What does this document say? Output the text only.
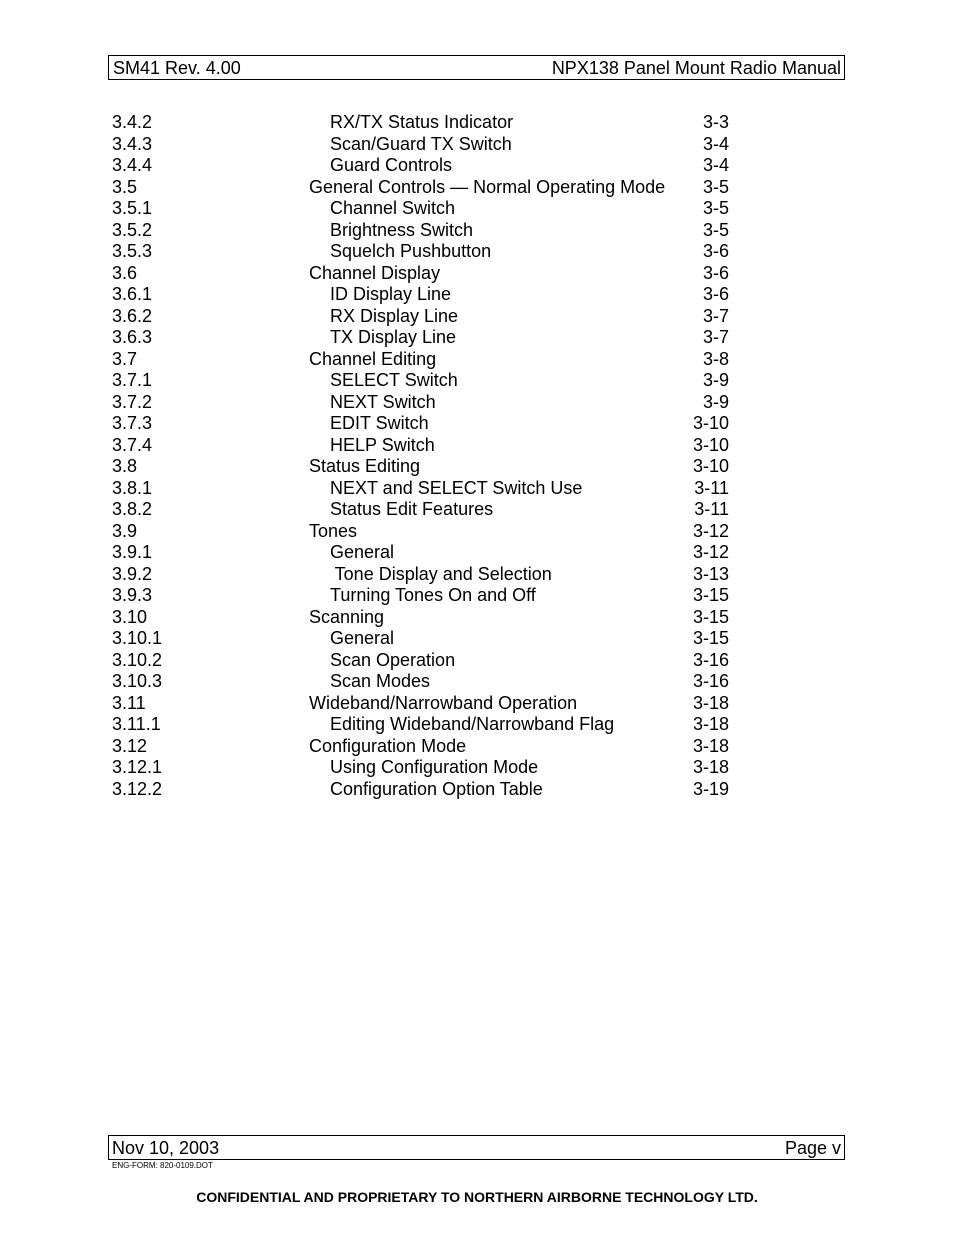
SM41 Rev. 4.00	NPX138 Panel Mount Radio Manual
3.4.2	RX/TX Status Indicator	3-3
3.4.3	Scan/Guard TX Switch	3-4
3.4.4	Guard Controls	3-4
3.5	General Controls — Normal Operating Mode 3-5
3.5.1	Channel Switch	3-5
3.5.2	Brightness Switch	3-5
3.5.3	Squelch Pushbutton	3-6
3.6	Channel Display	3-6
3.6.1	ID Display Line	3-6
3.6.2	RX Display Line	3-7
3.6.3	TX Display Line	3-7
3.7	Channel Editing	3-8
3.7.1	SELECT Switch	3-9
3.7.2	NEXT Switch	3-9
3.7.3	EDIT Switch	3-10
3.7.4	HELP Switch	3-10
3.8	Status Editing	3-10
3.8.1	NEXT and SELECT Switch Use	3-11
3.8.2	Status Edit Features	3-11
3.9	Tones	3-12
3.9.1	General	3-12
3.9.2	Tone Display and Selection	3-13
3.9.3	Turning Tones On and Off	3-15
3.10	Scanning	3-15
3.10.1	General	3-15
3.10.2	Scan Operation	3-16
3.10.3	Scan Modes	3-16
3.11	Wideband/Narrowband Operation	3-18
3.11.1	Editing Wideband/Narrowband Flag	3-18
3.12	Configuration Mode	3-18
3.12.1	Using Configuration Mode	3-18
3.12.2	Configuration Option Table	3-19
Nov 10, 2003	Page v
ENG-FORM: 820-0109.DOT
CONFIDENTIAL AND PROPRIETARY TO NORTHERN AIRBORNE TECHNOLOGY LTD.
